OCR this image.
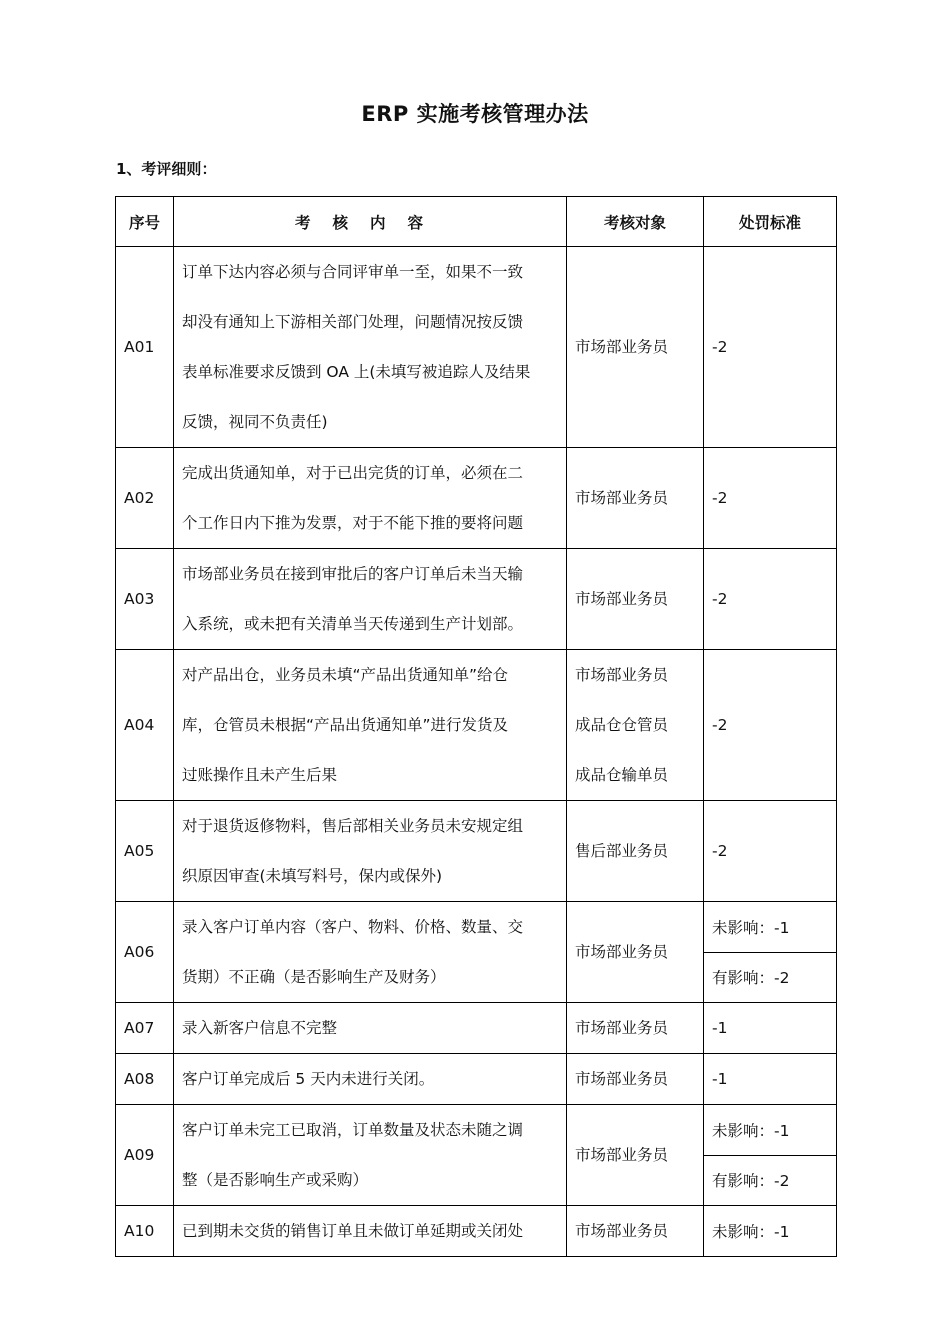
ERP 实施考核管理办法
1、考评细则：
序号	考核内容	考核对象	处罚标准
A01	订单下达内容必须与合同评审单一至，如果不一致
却没有通知上下游相关部门处理，问题情况按反馈
表单标准要求反馈到 OA 上(未填写被追踪人及结果
反馈，视同不负责任)	市场部业务员	-2
A02	完成出货通知单，对于已出完货的订单，必须在二
个工作日内下推为发票，对于不能下推的要将问题	市场部业务员	-2
A03	市场部业务员在接到审批后的客户订单后未当天输
入系统，或未把有关清单当天传递到生产计划部。	市场部业务员	-2
A04	对产品出仓，业务员未填“产品出货通知单”给仓
库，仓管员未根据“产品出货通知单”进行发货及
过账操作且未产生后果	市场部业务员
成品仓仓管员
成品仓输单员	-2
A05	对于退货返修物料，售后部相关业务员未安规定组
织原因审查(未填写料号，保内或保外)	售后部业务员	-2
A06	录入客户订单内容（客户、物料、价格、数量、交
货期）不正确（是否影响生产及财务）	市场部业务员	未影响：-1
			有影响：-2
A07	录入新客户信息不完整	市场部业务员	-1
A08	客户订单完成后 5 天内未进行关闭。	市场部业务员	-1
A09	客户订单未完工已取消，订单数量及状态未随之调
整（是否影响生产或采购）	市场部业务员	未影响：-1
			有影响：-2
A10	已到期未交货的销售订单且未做订单延期或关闭处	市场部业务员	未影响：-1
